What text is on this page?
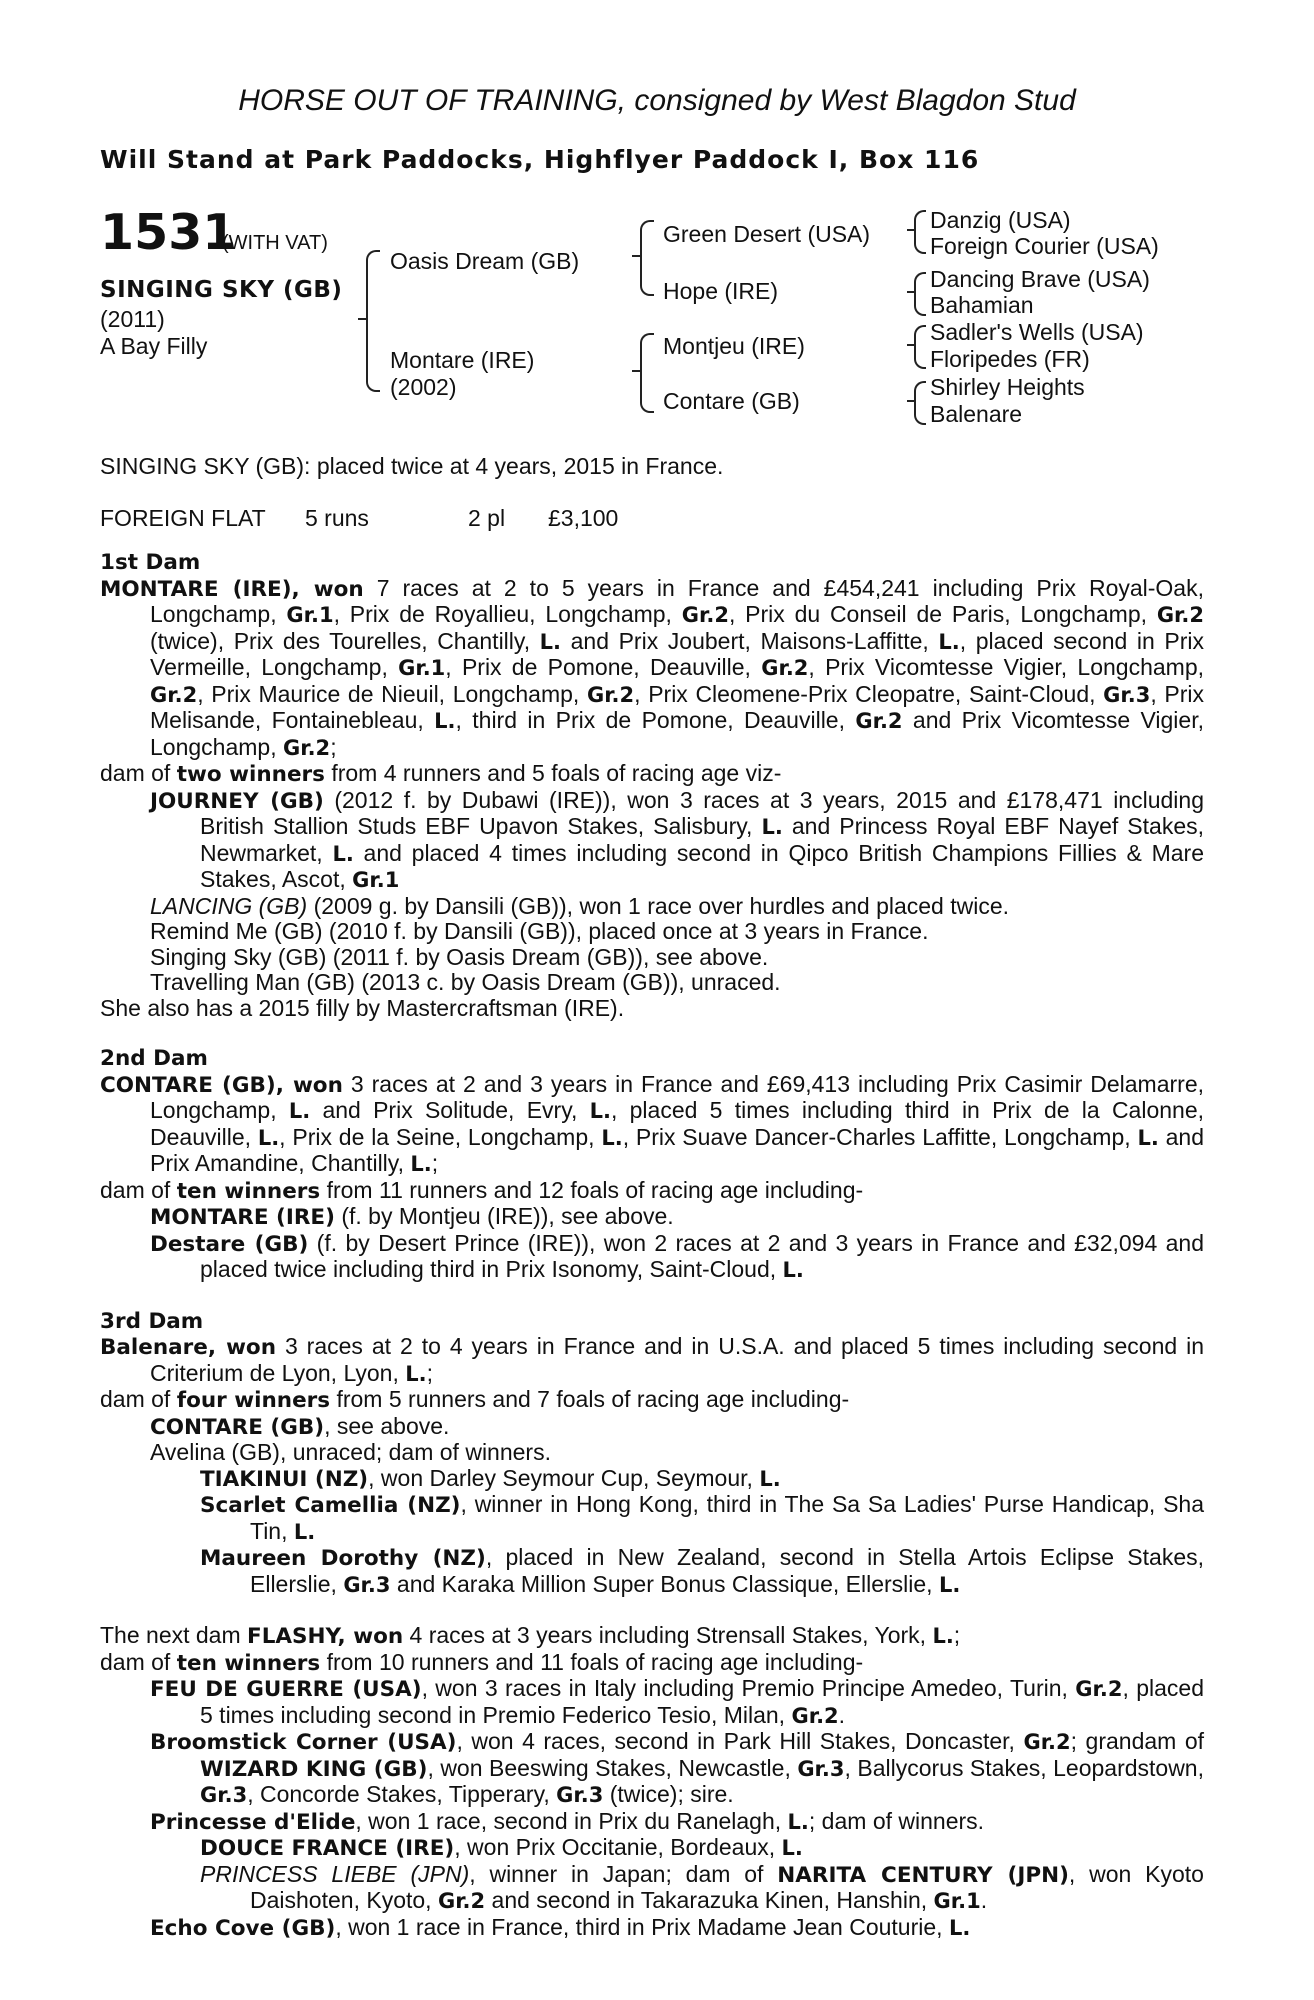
HORSE OUT OF TRAINING, consigned by West Blagdon Stud
Will Stand at Park Paddocks, Highflyer Paddock I, Box 116
1531
(WITH VAT)
SINGING SKY (GB)
(2011)
A Bay Filly
Oasis Dream (GB)
Montare (IRE)
(2002)
Green Desert (USA)
Hope (IRE)
Montjeu (IRE)
Contare (GB)
Danzig (USA)
Foreign Courier (USA)
Dancing Brave (USA)
Bahamian
Sadler's Wells (USA)
Floripedes (FR)
Shirley Heights
Balenare
SINGING SKY (GB): placed twice at 4 years, 2015 in France.
FOREIGN FLAT 5 runs	2 pl £3,100

1st Dam

MONTARE (IRE), won 7 races at 2 to 5 years in France and £454,241 including Prix Royal-Oak, Longchamp, Gr.1, Prix de Royallieu, Longchamp, Gr.2, Prix du Conseil de Paris, Longchamp, Gr.2 (twice), Prix des Tourelles, Chantilly, L. and Prix Joubert, Maisons-Laffitte, L., placed second in Prix Vermeille, Longchamp, Gr.1, Prix de Pomone, Deauville, Gr.2, Prix Vicomtesse Vigier, Longchamp, Gr.2, Prix Maurice de Nieuil, Longchamp, Gr.2, Prix Cleomene-Prix Cleopatre, Saint-Cloud, Gr.3, Prix Melisande, Fontainebleau, L., third in Prix de Pomone, Deauville, Gr.2 and Prix Vicomtesse Vigier, Longchamp, Gr.2;

dam of two winners from 4 runners and 5 foals of racing age viz-

JOURNEY (GB) (2012 f. by Dubawi (IRE)), won 3 races at 3 years, 2015 and £178,471 including British Stallion Studs EBF Upavon Stakes, Salisbury, L. and Princess Royal EBF Nayef Stakes, Newmarket, L. and placed 4 times including second in Qipco British Champions Fillies & Mare Stakes, Ascot, Gr.1

LANCING (GB) (2009 g. by Dansili (GB)), won 1 race over hurdles and placed twice.

Remind Me (GB) (2010 f. by Dansili (GB)), placed once at 3 years in France.

Singing Sky (GB) (2011 f. by Oasis Dream (GB)), see above.

Travelling Man (GB) (2013 c. by Oasis Dream (GB)), unraced.

She also has a 2015 filly by Mastercraftsman (IRE).

2nd Dam

CONTARE (GB), won 3 races at 2 and 3 years in France and £69,413 including Prix Casimir Delamarre, Longchamp, L. and Prix Solitude, Evry, L., placed 5 times including third in Prix de la Calonne, Deauville, L., Prix de la Seine, Longchamp, L., Prix Suave Dancer-Charles Laffitte, Longchamp, L. and Prix Amandine, Chantilly, L.;

dam of ten winners from 11 runners and 12 foals of racing age including-

MONTARE (IRE) (f. by Montjeu (IRE)), see above.

Destare (GB) (f. by Desert Prince (IRE)), won 2 races at 2 and 3 years in France and £32,094 and placed twice including third in Prix Isonomy, Saint-Cloud, L.

3rd Dam

Balenare, won 3 races at 2 to 4 years in France and in U.S.A. and placed 5 times including second in Criterium de Lyon, Lyon, L.;

dam of four winners from 5 runners and 7 foals of racing age including-

CONTARE (GB), see above.

Avelina (GB), unraced; dam of winners.

TIAKINUI (NZ), won Darley Seymour Cup, Seymour, L.

Scarlet Camellia (NZ), winner in Hong Kong, third in The Sa Sa Ladies' Purse Handicap, Sha Tin, L.

Maureen Dorothy (NZ), placed in New Zealand, second in Stella Artois Eclipse Stakes, Ellerslie, Gr.3 and Karaka Million Super Bonus Classique, Ellerslie, L.

The next dam FLASHY, won 4 races at 3 years including Strensall Stakes, York, L.;

dam of ten winners from 10 runners and 11 foals of racing age including-

FEU DE GUERRE (USA), won 3 races in Italy including Premio Principe Amedeo, Turin, Gr.2, placed 5 times including second in Premio Federico Tesio, Milan, Gr.2.

Broomstick Corner (USA), won 4 races, second in Park Hill Stakes, Doncaster, Gr.2; grandam of WIZARD KING (GB), won Beeswing Stakes, Newcastle, Gr.3, Ballycorus Stakes, Leopardstown, Gr.3, Concorde Stakes, Tipperary, Gr.3 (twice); sire.

Princesse d'Elide, won 1 race, second in Prix du Ranelagh, L.; dam of winners.

DOUCE FRANCE (IRE), won Prix Occitanie, Bordeaux, L.

PRINCESS LIEBE (JPN), winner in Japan; dam of NARITA CENTURY (JPN), won Kyoto Daishoten, Kyoto, Gr.2 and second in Takarazuka Kinen, Hanshin, Gr.1.

Echo Cove (GB), won 1 race in France, third in Prix Madame Jean Couturie, L.
